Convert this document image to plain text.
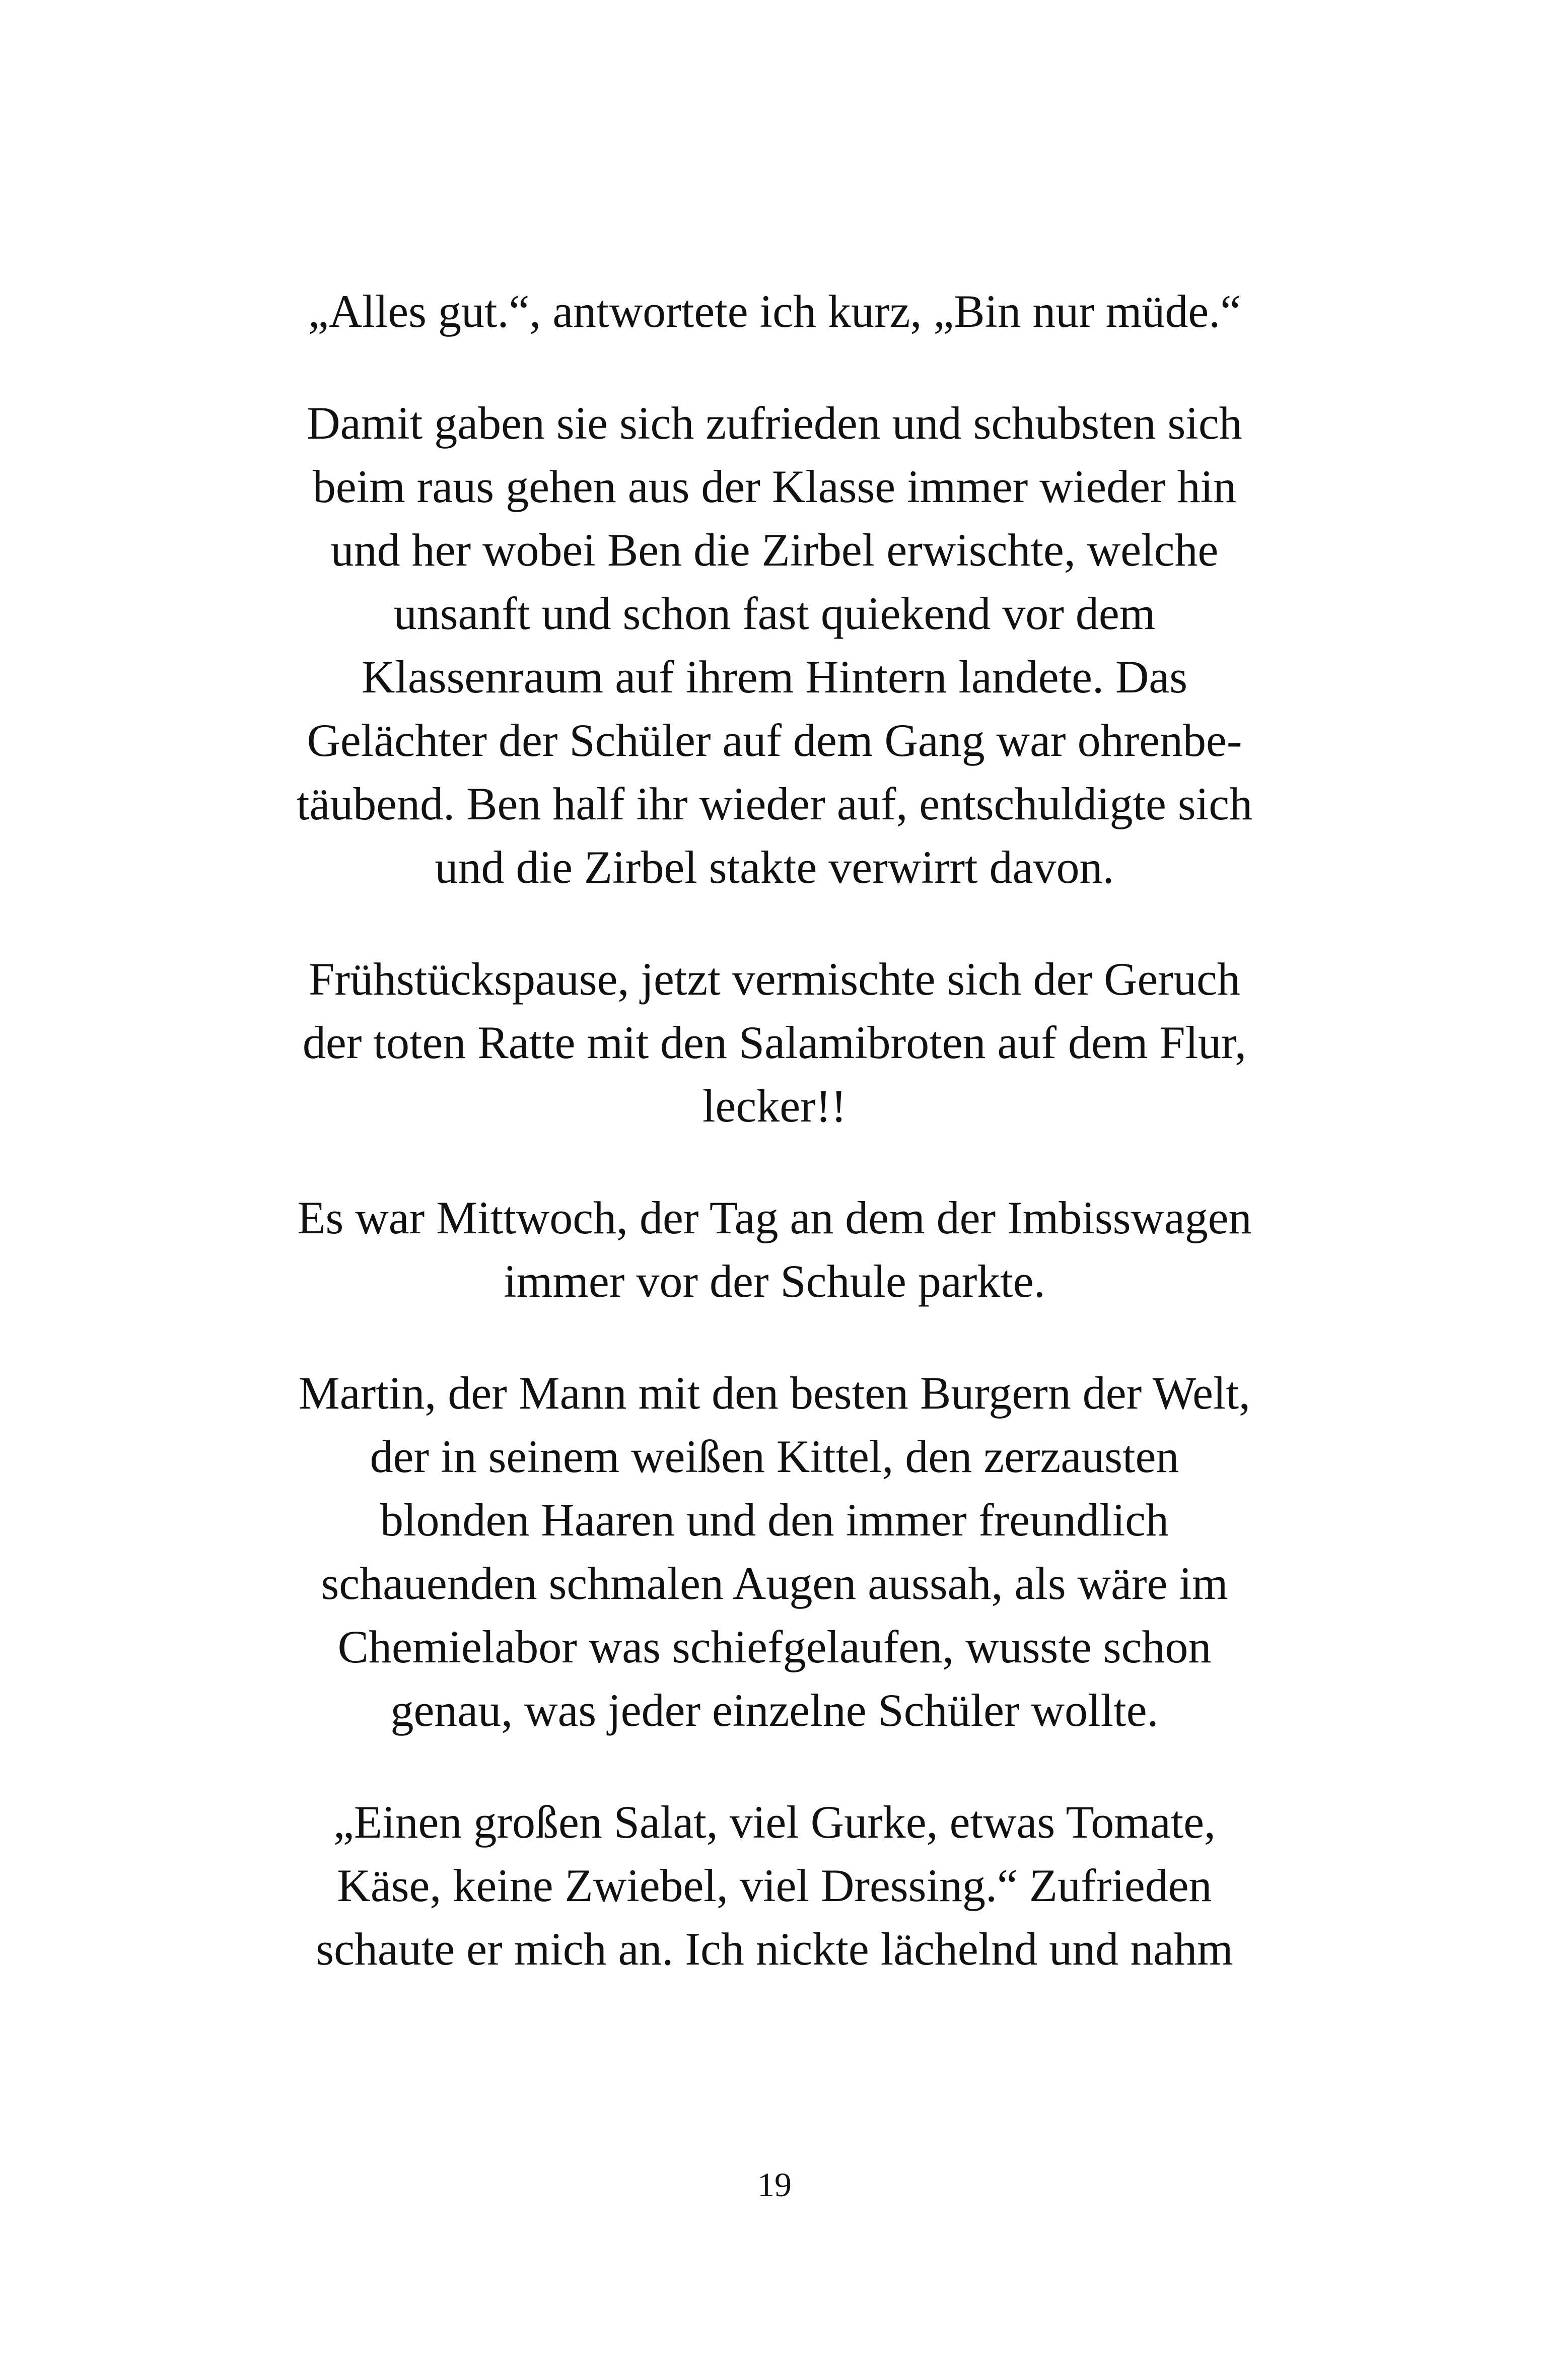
„Alles gut.“, antwortete ich kurz, „Bin nur müde.“

Damit gaben sie sich zufrieden und schubsten sich
beim raus gehen aus der Klasse immer wieder hin
und her wobei Ben die Zirbel erwischte, welche
unsanft und schon fast quiekend vor dem
Klassenraum auf ihrem Hintern landete. Das
Gelächter der Schüler auf dem Gang war ohrenbe-
täubend. Ben half ihr wieder auf, entschuldigte sich
und die Zirbel stakte verwirrt davon.

Frühstückspause, jetzt vermischte sich der Geruch
der toten Ratte mit den Salamibroten auf dem Flur,
lecker!!

Es war Mittwoch, der Tag an dem der Imbisswagen
immer vor der Schule parkte.

Martin, der Mann mit den besten Burgern der Welt,
der in seinem weißen Kittel, den zerzausten
blonden Haaren und den immer freundlich
schauenden schmalen Augen aussah, als wäre im
Chemielabor was schiefgelaufen, wusste schon
genau, was jeder einzelne Schüler wollte.

„Einen großen Salat, viel Gurke, etwas Tomate,
Käse, keine Zwiebel, viel Dressing.“ Zufrieden
schaute er mich an. Ich nickte lächelnd und nahm

19
